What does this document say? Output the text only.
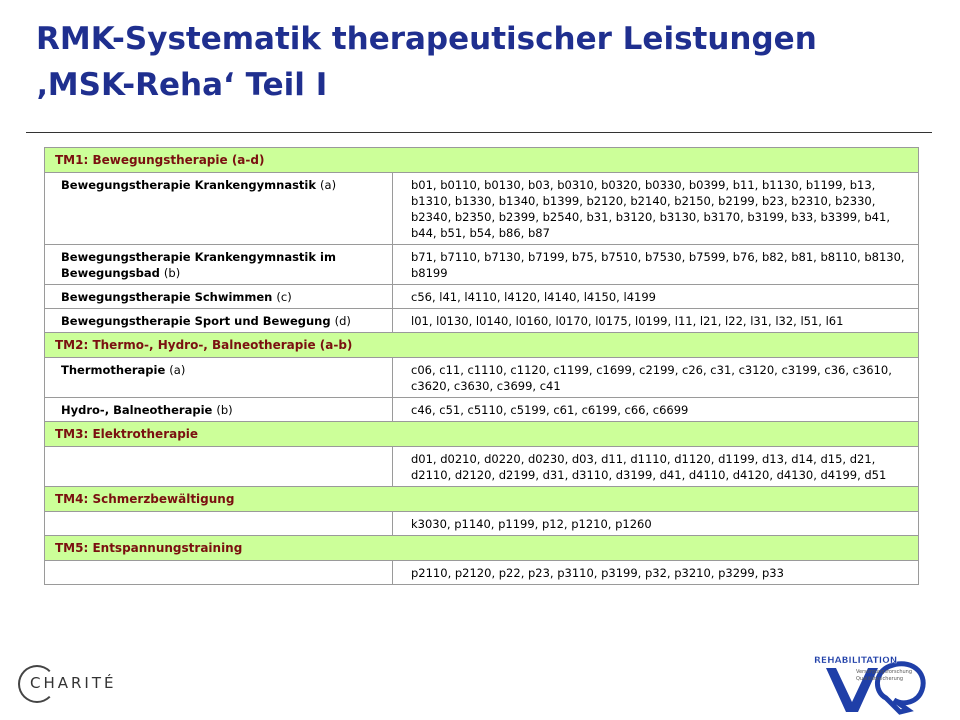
RMK-Systematik therapeutischer Leistungen
‚MSK-Reha‘ Teil I
TM1: Bewegungstherapie (a-d)	
Bewegungstherapie Krankengymnastik (a)	b01, b0110, b0130, b03, b0310, b0320, b0330, b0399, b11, b1130, b1199, b13, b1310, b1330, b1340, b1399, b2120, b2140, b2150, b2199, b23, b2310, b2330, b2340, b2350, b2399, b2540, b31, b3120, b3130, b3170, b3199, b33, b3399, b41, b44, b51, b54, b86, b87
Bewegungstherapie Krankengymnastik im Bewegungsbad (b)	b71, b7110, b7130, b7199, b75, b7510, b7530, b7599, b76, b82, b81, b8110, b8130, b8199
Bewegungstherapie Schwimmen (c)	c56, l41, l4110, l4120, l4140, l4150, l4199
Bewegungstherapie Sport und Bewegung (d)	l01, l0130, l0140, l0160, l0170, l0175, l0199, l11, l21, l22, l31, l32, l51, l61
TM2: Thermo-, Hydro-, Balneotherapie (a-b)	
Thermotherapie (a)	c06, c11, c1110, c1120, c1199, c1699, c2199, c26, c31, c3120, c3199, c36, c3610, c3620, c3630, c3699, c41
Hydro-, Balneotherapie (b)	c46, c51, c5110, c5199, c61, c6199, c66, c6699
TM3: Elektrotherapie	
	d01, d0210, d0220, d0230, d03, d11, d1110, d1120, d1199, d13, d14, d15, d21, d2110, d2120, d2199, d31, d3110, d3199, d41, d4110, d4120, d4130, d4199, d51
TM4: Schmerzbewältigung	
	k3030, p1140, p1199, p12, p1210, p1260
TM5: Entspannungstraining	
	p2110, p2120, p22, p23, p3110, p3199, p32, p3210, p3299, p33
CHARITÉ
REHABILITATION
Versorgungsforschung
Qualitätssicherung
